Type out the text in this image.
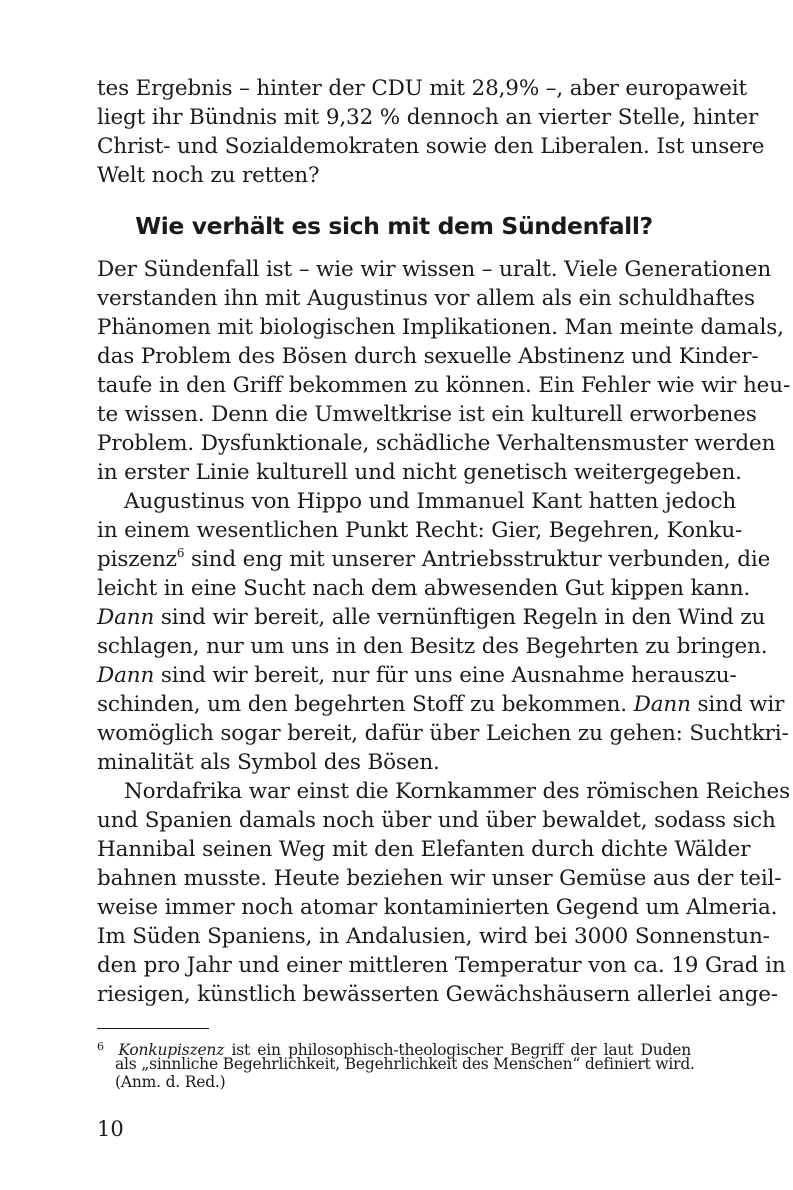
tes Ergebnis – hinter der CDU mit 28,9% –, aber europaweit
liegt ihr Bündnis mit 9,32 % dennoch an vierter Stelle, hinter
Christ- und Sozialdemokraten sowie den Liberalen. Ist unsere
Welt noch zu retten?
Wie verhält es sich mit dem Sündenfall?
Der Sündenfall ist – wie wir wissen – uralt. Viele Generationen
verstanden ihn mit Augustinus vor allem als ein schuldhaftes
Phänomen mit biologischen Implikationen. Man meinte damals,
das Problem des Bösen durch sexuelle Abstinenz und Kinder-
taufe in den Griff bekommen zu können. Ein Fehler wie wir heu-
te wissen. Denn die Umweltkrise ist ein kulturell erworbenes
Problem. Dysfunktionale, schädliche Verhaltensmuster werden
in erster Linie kulturell und nicht genetisch weitergegeben.
Augustinus von Hippo und Immanuel Kant hatten jedoch
in einem wesentlichen Punkt Recht: Gier, Begehren, Konku-
piszenz$^6$ sind eng mit unserer Antriebsstruktur verbunden, die
leicht in eine Sucht nach dem abwesenden Gut kippen kann.
Dann sind wir bereit, alle vernünftigen Regeln in den Wind zu
schlagen, nur um uns in den Besitz des Begehrten zu bringen.
Dann sind wir bereit, nur für uns eine Ausnahme herauszu-
schinden, um den begehrten Stoff zu bekommen. Dann sind wir
womöglich sogar bereit, dafür über Leichen zu gehen: Suchtkri-
minalität als Symbol des Bösen.
Nordafrika war einst die Kornkammer des römischen Reiches
und Spanien damals noch über und über bewaldet, sodass sich
Hannibal seinen Weg mit den Elefanten durch dichte Wälder
bahnen musste. Heute beziehen wir unser Gemüse aus der teil-
weise immer noch atomar kontaminierten Gegend um Almeria.
Im Süden Spaniens, in Andalusien, wird bei 3000 Sonnenstun-
den pro Jahr und einer mittleren Temperatur von ca. 19 Grad in
riesigen, künstlich bewässerten Gewächshäusern allerlei ange-
$^6$ Konkupiszenz ist ein philosophisch-theologischer Begriff der laut Duden
als „sinnliche Begehrlichkeit, Begehrlichkeit des Menschen“ definiert wird.
(Anm. d. Red.)
10
